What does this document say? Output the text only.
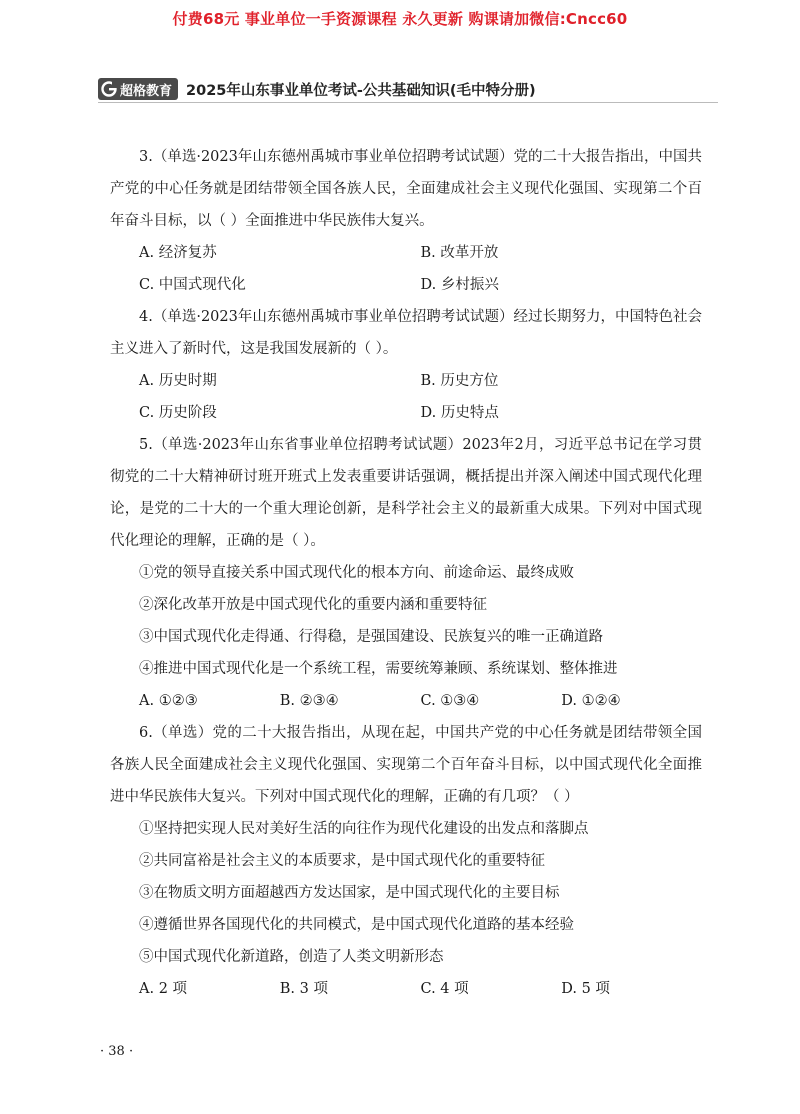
付费68元 事业单位一手资源课程 永久更新 购课请加微信:Cncc60
超格教育 2025年山东事业单位考试-公共基础知识(毛中特分册)

3.（单选·2023年山东德州禹城市事业单位招聘考试试题）党的二十大报告指出，中国共产党的中心任务就是团结带领全国各族人民，全面建成社会主义现代化强国、实现第二个百年奋斗目标，以（ ）全面推进中华民族伟大复兴。

A. 经济复苏	B. 改革开放
C. 中国式现代化	D. 乡村振兴

4.（单选·2023年山东德州禹城市事业单位招聘考试试题）经过长期努力，中国特色社会主义进入了新时代，这是我国发展新的（ ）。

A. 历史时期	B. 历史方位
C. 历史阶段	D. 历史特点

5.（单选·2023年山东省事业单位招聘考试试题）2023年2月，习近平总书记在学习贯彻党的二十大精神研讨班开班式上发表重要讲话强调，概括提出并深入阐述中国式现代化理论，是党的二十大的一个重大理论创新，是科学社会主义的最新重大成果。下列对中国式现代化理论的理解，正确的是（ ）。

①党的领导直接关系中国式现代化的根本方向、前途命运、最终成败

②深化改革开放是中国式现代化的重要内涵和重要特征

③中国式现代化走得通、行得稳，是强国建设、民族复兴的唯一正确道路

④推进中国式现代化是一个系统工程，需要统筹兼顾、系统谋划、整体推进

A. ①②③	B. ②③④	C. ①③④	D. ①②④

6.（单选）党的二十大报告指出，从现在起，中国共产党的中心任务就是团结带领全国各族人民全面建成社会主义现代化强国、实现第二个百年奋斗目标，以中国式现代化全面推进中华民族伟大复兴。下列对中国式现代化的理解，正确的有几项？（ ）

①坚持把实现人民对美好生活的向往作为现代化建设的出发点和落脚点

②共同富裕是社会主义的本质要求，是中国式现代化的重要特征

③在物质文明方面超越西方发达国家，是中国式现代化的主要目标

④遵循世界各国现代化的共同模式，是中国式现代化道路的基本经验

⑤中国式现代化新道路，创造了人类文明新形态

A. 2 项	B. 3 项	C. 4 项	D. 5 项
· 38 ·
